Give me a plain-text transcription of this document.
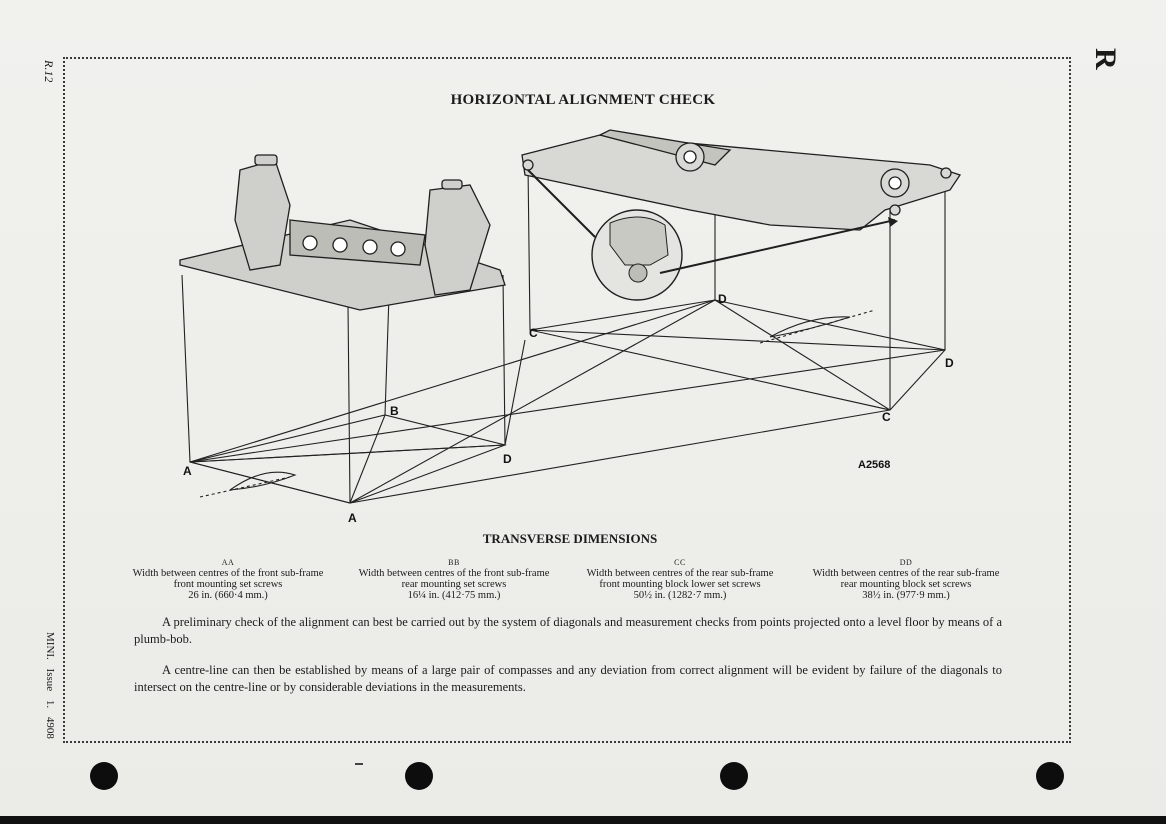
R.12
R
MINI. Issue 1. 4908
HORIZONTAL ALIGNMENT CHECK
A
A
B
D
D
D
C
C
A2568
TRANSVERSE DIMENSIONS
AA
Width between centres of the front sub-frame front mounting set screws
26 in. (660·4 mm.)
BB
Width between centres of the front sub-frame rear mounting set screws
16¼ in. (412·75 mm.)
CC
Width between centres of the rear sub-frame front mounting block lower set screws
50½ in. (1282·7 mm.)
DD
Width between centres of the rear sub-frame rear mounting block set screws
38½ in. (977·9 mm.)

A preliminary check of the alignment can best be carried out by the system of diagonals and measurement checks from points projected onto a level floor by means of a plumb-bob.

A centre-line can then be established by means of a large pair of compasses and any deviation from correct alignment will be evident by failure of the diagonals to intersect on the centre-line or by considerable deviations in the measurements.
